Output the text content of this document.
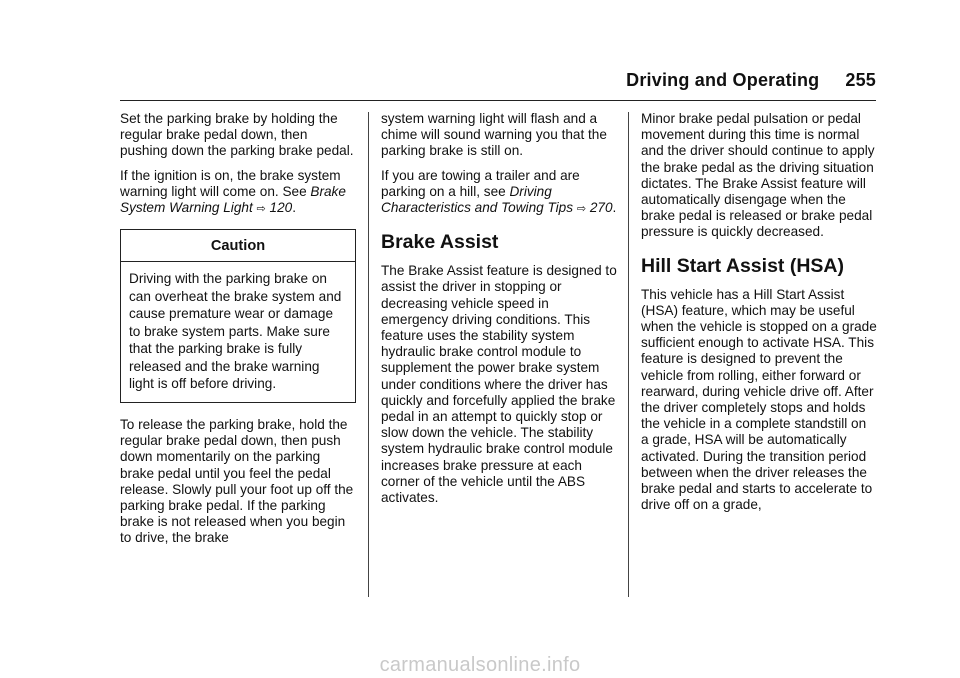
Driving and Operating 255

Set the parking brake by holding the regular brake pedal down, then pushing down the parking brake pedal.

If the ignition is on, the brake system warning light will come on. See Brake System Warning Light ⇨ 120.

Caution
Driving with the parking brake on can overheat the brake system and cause premature wear or damage to brake system parts. Make sure that the parking brake is fully released and the brake warning light is off before driving.

To release the parking brake, hold the regular brake pedal down, then push down momentarily on the parking brake pedal until you feel the pedal release. Slowly pull your foot up off the parking brake pedal. If the parking brake is not released when you begin to drive, the brake

system warning light will flash and a chime will sound warning you that the parking brake is still on.

If you are towing a trailer and are parking on a hill, see Driving Characteristics and Towing Tips ⇨ 270.

Brake Assist

The Brake Assist feature is designed to assist the driver in stopping or decreasing vehicle speed in emergency driving conditions. This feature uses the stability system hydraulic brake control module to supplement the power brake system under conditions where the driver has quickly and forcefully applied the brake pedal in an attempt to quickly stop or slow down the vehicle. The stability system hydraulic brake control module increases brake pressure at each corner of the vehicle until the ABS activates.

Minor brake pedal pulsation or pedal movement during this time is normal and the driver should continue to apply the brake pedal as the driving situation dictates. The Brake Assist feature will automatically disengage when the brake pedal is released or brake pedal pressure is quickly decreased.

Hill Start Assist (HSA)

This vehicle has a Hill Start Assist (HSA) feature, which may be useful when the vehicle is stopped on a grade sufficient enough to activate HSA. This feature is designed to prevent the vehicle from rolling, either forward or rearward, during vehicle drive off. After the driver completely stops and holds the vehicle in a complete standstill on a grade, HSA will be automatically activated. During the transition period between when the driver releases the brake pedal and starts to accelerate to drive off on a grade,

carmanualsonline.info
